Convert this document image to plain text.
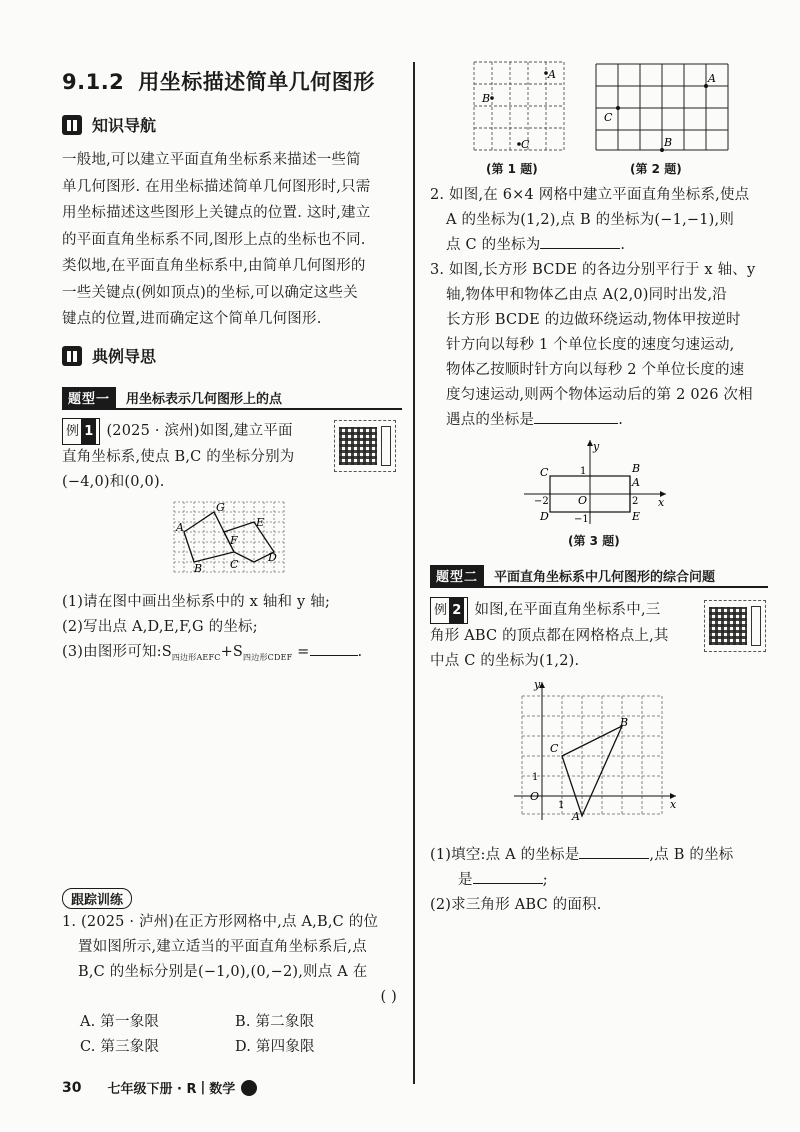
9.1.2 用坐标描述简单几何图形
知识导航
一般地,可以建立平面直角坐标系来描述一些简
单几何图形. 在用坐标描述简单几何图形时,只需
用坐标描述这些图形上关键点的位置. 这时,建立
的平面直角坐标系不同,图形上点的坐标也不同.
类似地,在平面直角坐标系中,由简单几何图形的
一些关键点(例如顶点)的坐标,可以确定这些关
键点的位置,进而确定这个简单几何图形.
典例导思
题型一	用坐标表示几何图形上的点
例 1 (2025 · 滨州)如图,建立平面
直角坐标系,使点 B,C 的坐标分别为
(−4,0)和(0,0).
A
G
E
F
D
B	C
(1)请在图中画出坐标系中的 x 轴和 y 轴;
(2)写出点 A,D,E,F,G 的坐标;
(3)由图形可知$:S_{四边形AEFC}+S_{四边形CDEF}$ =	.
跟踪训练
1. (2025 · 泸州)在正方形网格中,点 A,B,C 的位
置如图所示,建立适当的平面直角坐标系后,点
B,C 的坐标分别是(−1,0),(0,−2),则点 A 在
( )
A. 第一象限	B. 第二象限
C. 第三象限	D. 第四象限
A
B
C
(第 1 题)
A
C
B
(第 2 题)
2. 如图,在 6×4 网格中建立平面直角坐标系,使点
A 的坐标为(1,2),点 B 的坐标为(−1,−1),则
点 C 的坐标为	.
3. 如图,长方形 BCDE 的各边分别平行于 x 轴、y
轴,物体甲和物体乙由点 A(2,0)同时出发,沿
长方形 BCDE 的边做环绕运动,物体甲按逆时
针方向以每秒 1 个单位长度的速度匀速运动,
物体乙按顺时针方向以每秒 2 个单位长度的速
度匀速运动,则两个物体运动后的第 2 026 次相
遇点的坐标是	.
y
x
C	B
A
D	E
1
O	2
−2
−1
(第 3 题)
题型二	平面直角坐标系中几何图形的综合问题
例 2 如图,在平面直角坐标系中,三
角形 ABC 的顶点都在网格格点上,其
中点 C 的坐标为(1,2).
y
x
C
B
A
O
1
1
(1)填空:点 A 的坐标是	,点 B 的坐标
是	;
(2)求三角形 ABC 的面积.
30 七年级下册 · R | 数学
